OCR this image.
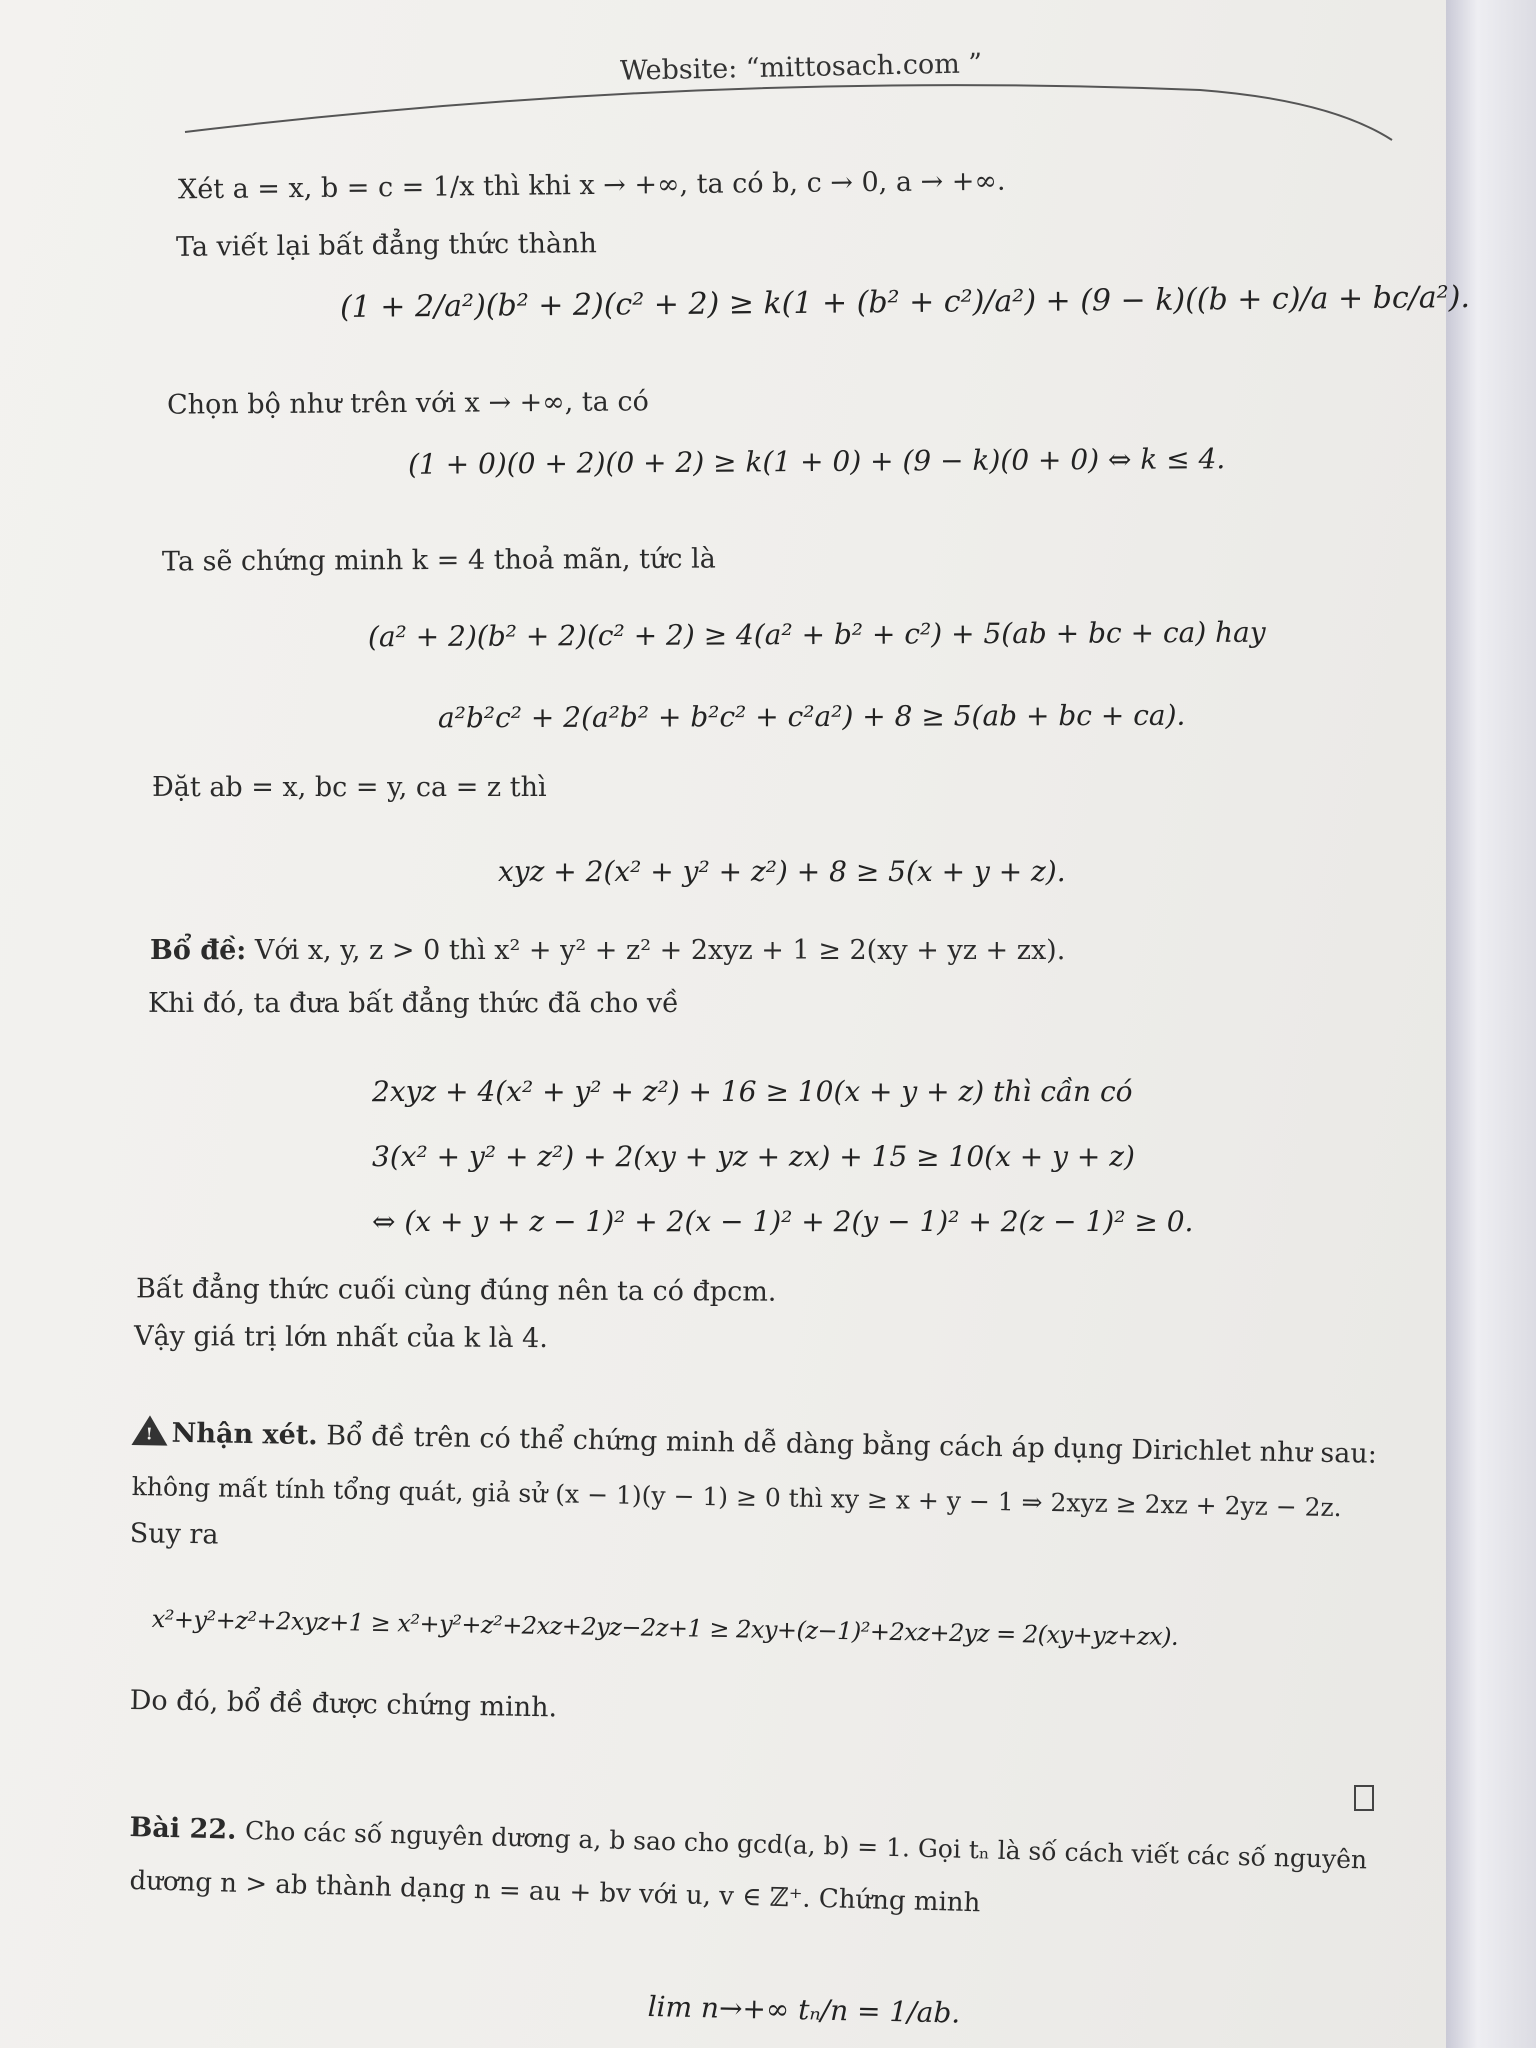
Website: “mittosach.com ”
Xét a = x, b = c = 1/x thì khi x → +∞, ta có b, c → 0, a → +∞.
Ta viết lại bất đẳng thức thành
(1 + 2/a²)(b² + 2)(c² + 2) ≥ k(1 + (b² + c²)/a²) + (9 − k)((b + c)/a + bc/a²).
Chọn bộ như trên với x → +∞, ta có
(1 + 0)(0 + 2)(0 + 2) ≥ k(1 + 0) + (9 − k)(0 + 0) ⇔ k ≤ 4.
Ta sẽ chứng minh k = 4 thoả mãn, tức là
(a² + 2)(b² + 2)(c² + 2) ≥ 4(a² + b² + c²) + 5(ab + bc + ca) hay
a²b²c² + 2(a²b² + b²c² + c²a²) + 8 ≥ 5(ab + bc + ca).
Đặt ab = x, bc = y, ca = z thì
xyz + 2(x² + y² + z²) + 8 ≥ 5(x + y + z).
Bổ đề: Với x, y, z > 0 thì x² + y² + z² + 2xyz + 1 ≥ 2(xy + yz + zx).
Khi đó, ta đưa bất đẳng thức đã cho về
2xyz + 4(x² + y² + z²) + 16 ≥ 10(x + y + z) thì cần có
3(x² + y² + z²) + 2(xy + yz + zx) + 15 ≥ 10(x + y + z)
⇔ (x + y + z − 1)² + 2(x − 1)² + 2(y − 1)² + 2(z − 1)² ≥ 0.
Bất đẳng thức cuối cùng đúng nên ta có đpcm.
Vậy giá trị lớn nhất của k là 4.
!Nhận xét. Bổ đề trên có thể chứng minh dễ dàng bằng cách áp dụng Dirichlet như sau:
không mất tính tổng quát, giả sử (x − 1)(y − 1) ≥ 0 thì xy ≥ x + y − 1 ⇒ 2xyz ≥ 2xz + 2yz − 2z.
Suy ra
x²+y²+z²+2xyz+1 ≥ x²+y²+z²+2xz+2yz−2z+1 ≥ 2xy+(z−1)²+2xz+2yz = 2(xy+yz+zx).
Do đó, bổ đề được chứng minh.
Bài 22. Cho các số nguyên dương a, b sao cho gcd(a, b) = 1. Gọi tₙ là số cách viết các số nguyên
dương n > ab thành dạng n = au + bv với u, v ∈ ℤ⁺. Chứng minh
lim n→+∞ tₙ/n = 1/ab.
